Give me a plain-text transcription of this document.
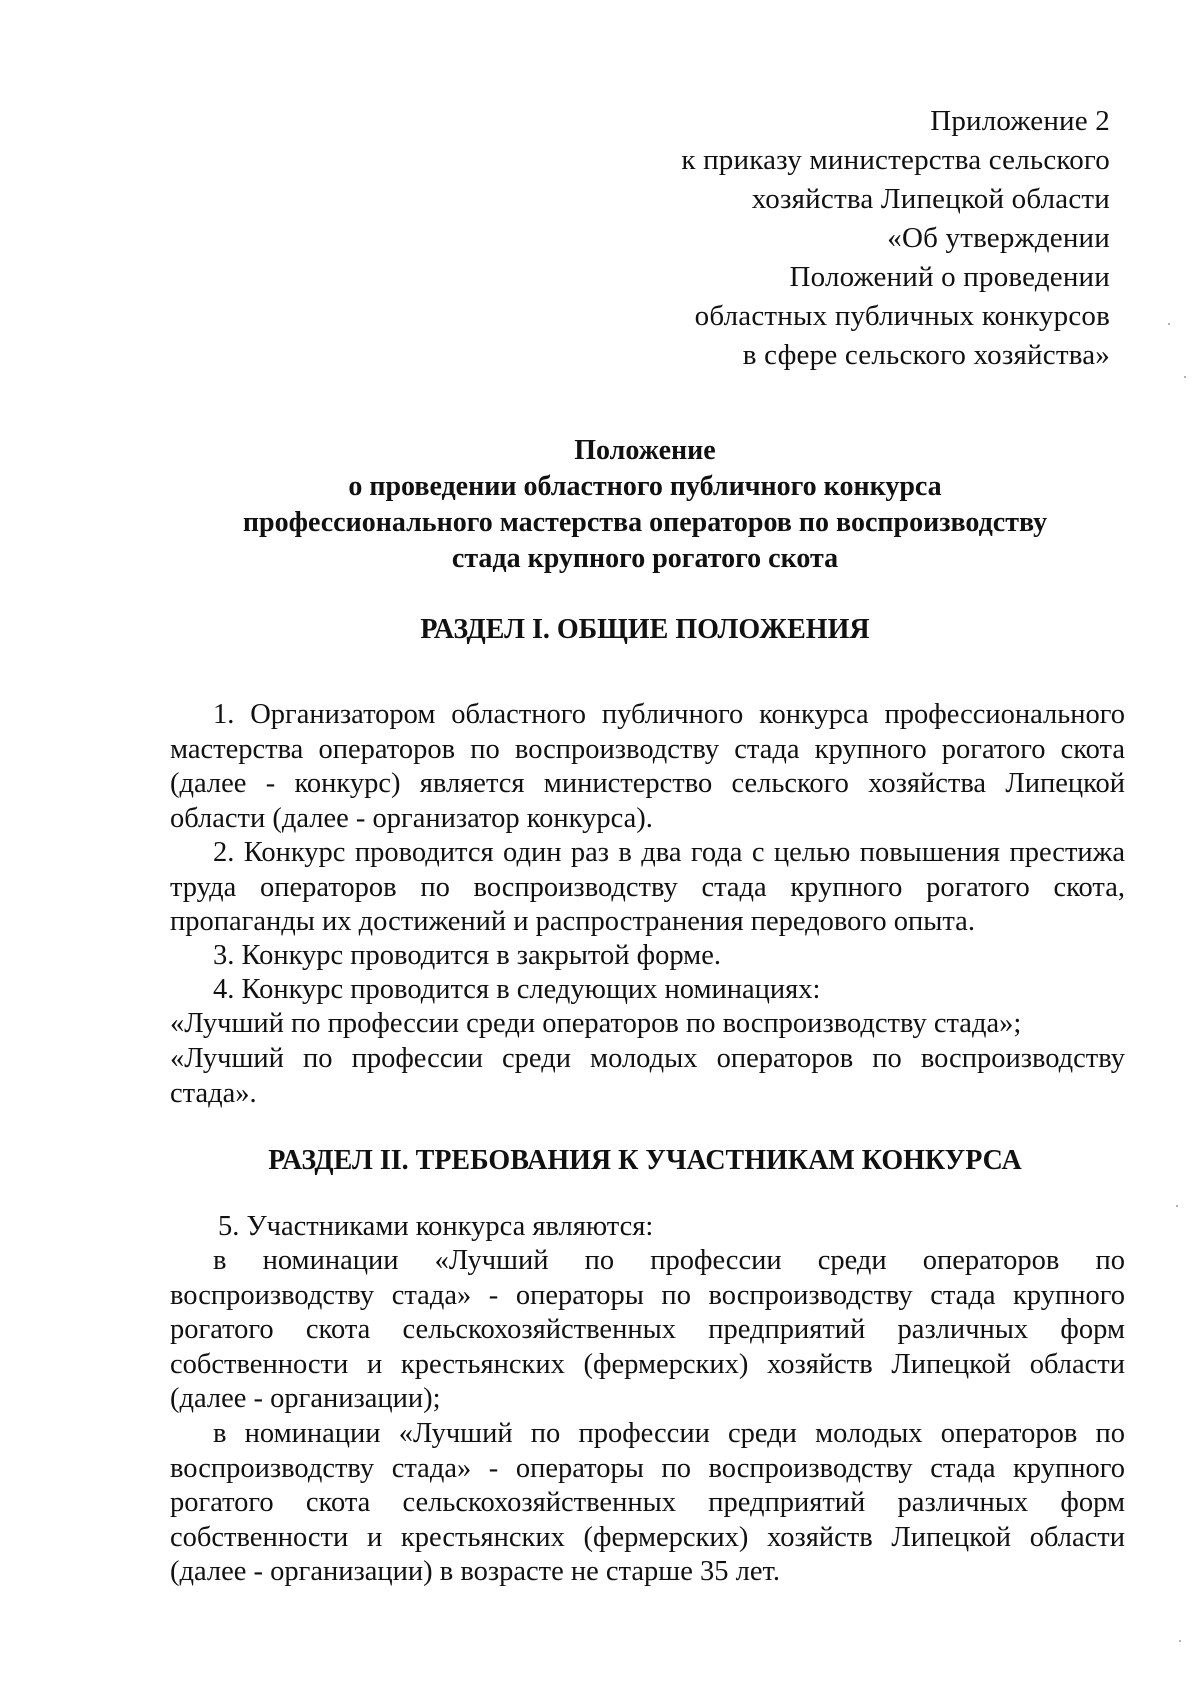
Приложение 2
к приказу министерства сельского
хозяйства Липецкой области
«Об утверждении
Положений о проведении
областных публичных конкурсов
в сфере сельского хозяйства»
Положение
о проведении областного публичного конкурса
профессионального мастерства операторов по воспроизводству
стада крупного рогатого скота
РАЗДЕЛ I. ОБЩИЕ ПОЛОЖЕНИЯ
1. Организатором областного публичного конкурса профессионального мастерства операторов по воспроизводству стада крупного рогатого скота (далее - конкурс) является министерство сельского хозяйства Липецкой области (далее - организатор конкурса).
2. Конкурс проводится один раз в два года с целью повышения престижа труда операторов по воспроизводству стада крупного рогатого скота, пропаганды их достижений и распространения передового опыта.
3. Конкурс проводится в закрытой форме.
4. Конкурс проводится в следующих номинациях:
«Лучший по профессии среди операторов по воспроизводству стада»;
«Лучший по профессии среди молодых операторов по воспроизводству стада».
РАЗДЕЛ II. ТРЕБОВАНИЯ К УЧАСТНИКАМ КОНКУРСА
5. Участниками конкурса являются:
в номинации «Лучший по профессии среди операторов по воспроизводству стада» - операторы по воспроизводству стада крупного рогатого скота сельскохозяйственных предприятий различных форм собственности и крестьянских (фермерских) хозяйств Липецкой области (далее - организации);
в номинации «Лучший по профессии среди молодых операторов по воспроизводству стада» - операторы по воспроизводству стада крупного рогатого скота сельскохозяйственных предприятий различных форм собственности и крестьянских (фермерских) хозяйств Липецкой области (далее - организации) в возрасте не старше 35 лет.
